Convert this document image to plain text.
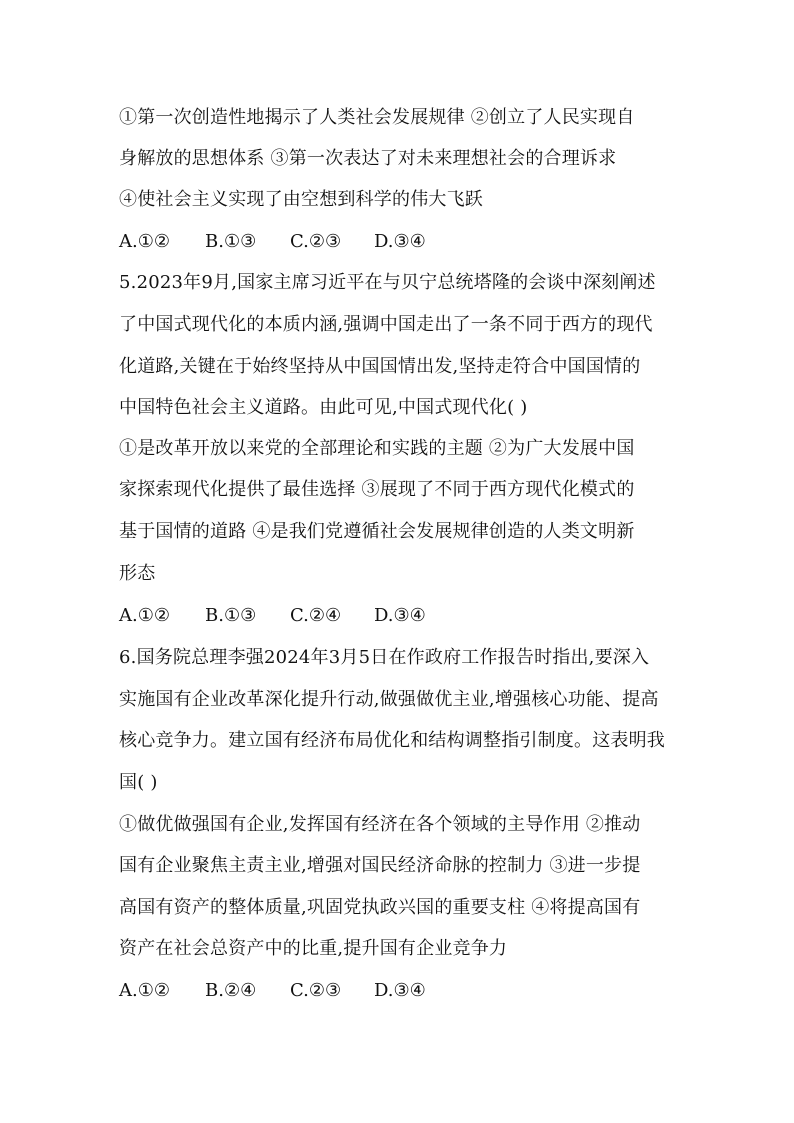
①第一次创造性地揭示了人类社会发展规律 ②创立了人民实现自
身解放的思想体系 ③第一次表达了对未来理想社会的合理诉求
④使社会主义实现了由空想到科学的伟大飞跃
A.①② B.①③ C.②③ D.③④
5.2023年9月,国家主席习近平在与贝宁总统塔隆的会谈中深刻阐述
了中国式现代化的本质内涵,强调中国走出了一条不同于西方的现代
化道路,关键在于始终坚持从中国国情出发,坚持走符合中国国情的
中国特色社会主义道路。由此可见,中国式现代化( )
①是改革开放以来党的全部理论和实践的主题 ②为广大发展中国
家探索现代化提供了最佳选择 ③展现了不同于西方现代化模式的
基于国情的道路 ④是我们党遵循社会发展规律创造的人类文明新
形态
A.①② B.①③ C.②④ D.③④
6.国务院总理李强2024年3月5日在作政府工作报告时指出,要深入
实施国有企业改革深化提升行动,做强做优主业,增强核心功能、提高
核心竞争力。建立国有经济布局优化和结构调整指引制度。这表明我
国( )
①做优做强国有企业,发挥国有经济在各个领域的主导作用 ②推动
国有企业聚焦主责主业,增强对国民经济命脉的控制力 ③进一步提
高国有资产的整体质量,巩固党执政兴国的重要支柱 ④将提高国有
资产在社会总资产中的比重,提升国有企业竞争力
A.①② B.②④ C.②③ D.③④
